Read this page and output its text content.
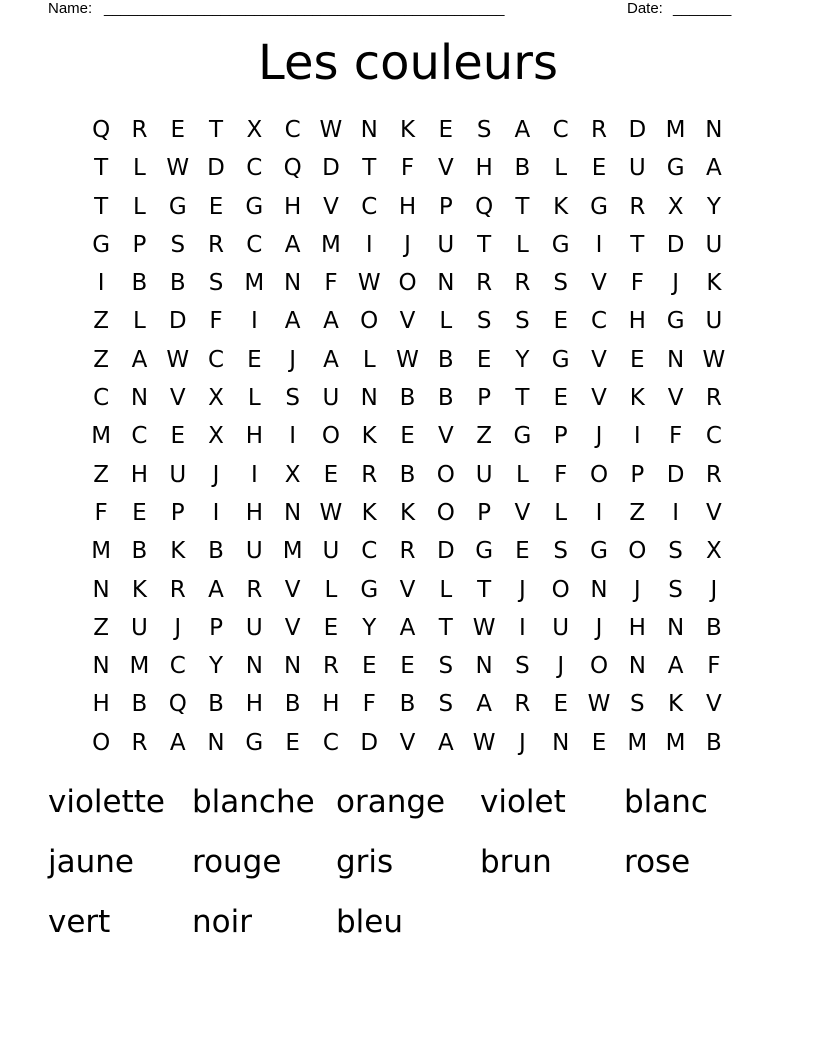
Name: ________________________________________________	Date: _______
Les couleurs
Q R	E	T	X C W N K	E	S	A C R D M N
T	L W D C Q D T	F	V H B	L	E U G A
T	L G E G H V C H P Q T	K G R X	Y
G P	S	R C A M	I	J	U T	L G	I	T D U
I	B B	S M N	F W O N R R	S	V	F	J	K
Z	L	D F	I	A A O V	L	S	S	E C H G U
Z A W C	E	J	A	L W B	E	Y G V	E N W
C N V X	L	S U N B B	P	T	E	V K V R
M C	E	X H	I	O K	E	V Z G P	J	I	F	C
Z H U	J	I	X	E	R B O U	L	F O P D R
F	E	P	I	H N W K	K O P	V	L	I	Z	I	V
M B K B U M U C R D G E	S G O S	X
N K R A R V	L G V	L	T	J	O N	J	S	J
Z U	J	P U V	E	Y	A	T W	I	U	J	H N B
N M C	Y N N R	E	E	S N S	J	O N A	F
H B Q B H B H	F	B	S	A R	E W S	K V
O R A N G E C D V A W	J	N E M M B
violette blanche orange	violet	blanc
jaune	rouge	gris	brun	rose
vert	noir	bleu
